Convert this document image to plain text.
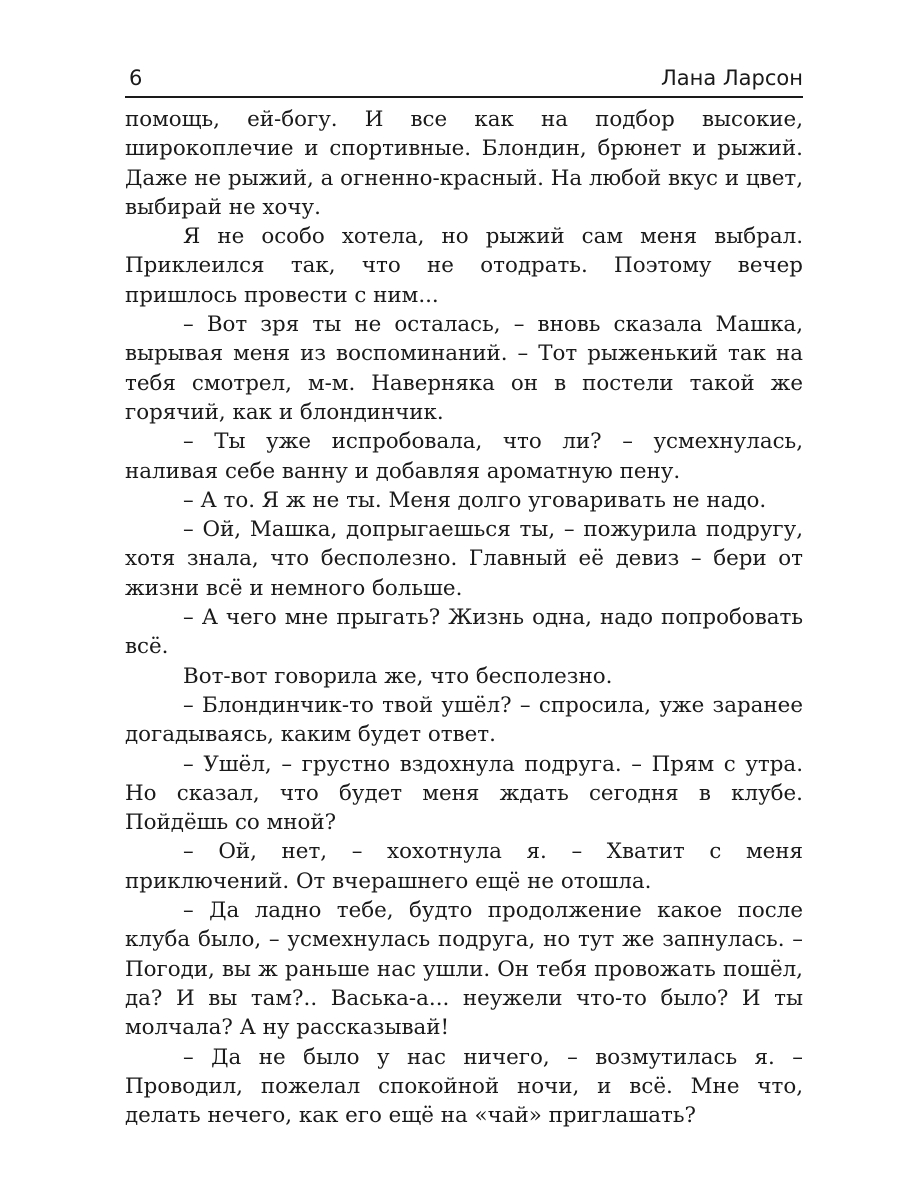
6	Лана Ларсон

помощь, ей-богу. И все как на подбор высокие, широкоплечие и спортивные. Блондин, брюнет и рыжий. Даже не рыжий, а огненно-красный. На любой вкус и цвет, выбирай не хочу.

Я не особо хотела, но рыжий сам меня выбрал. Приклеился так, что не отодрать. Поэтому вечер пришлось провести с ним...

– Вот зря ты не осталась, – вновь сказала Машка, вырывая меня из воспоминаний. – Тот рыженький так на тебя смотрел, м-м. Наверняка он в постели такой же горячий, как и блондинчик.

– Ты уже испробовала, что ли? – усмехнулась, наливая себе ванну и добавляя ароматную пену.

– А то. Я ж не ты. Меня долго уговаривать не надо.

– Ой, Машка, допрыгаешься ты, – пожурила подругу, хотя знала, что бесполезно. Главный её девиз – бери от жизни всё и немного больше.

– А чего мне прыгать? Жизнь одна, надо попробовать всё.

Вот-вот говорила же, что бесполезно.

– Блондинчик-то твой ушёл? – спросила, уже заранее догадываясь, каким будет ответ.

– Ушёл, – грустно вздохнула подруга. – Прям с утра. Но сказал, что будет меня ждать сегодня в клубе. Пойдёшь со мной?

– Ой, нет, – хохотнула я. – Хватит с меня приключений. От вчерашнего ещё не отошла.

– Да ладно тебе, будто продолжение какое после клуба было, – усмехнулась подруга, но тут же запнулась. – Погоди, вы ж раньше нас ушли. Он тебя провожать пошёл, да? И вы там?.. Васька-а... неужели что-то было? И ты молчала? А ну рассказывай!

– Да не было у нас ничего, – возмутилась я. – Проводил, пожелал спокойной ночи, и всё. Мне что, делать нечего, как его ещё на «чай» приглашать?
